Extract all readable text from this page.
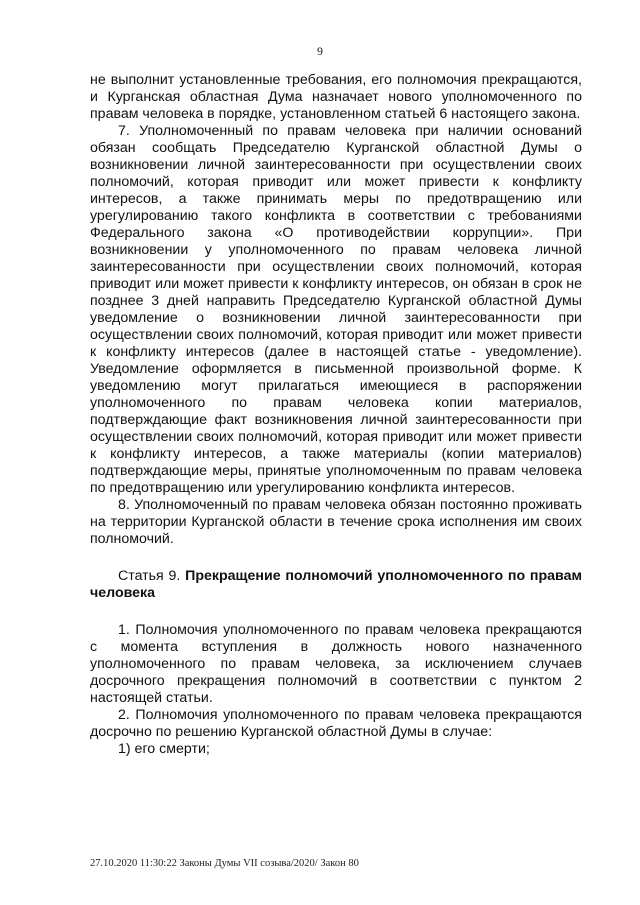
9

не выполнит установленные требования, его полномочия прекращаются, и Курганская областная Дума назначает нового уполномоченного по правам человека в порядке, установленном статьей 6 настоящего закона.

7. Уполномоченный по правам человека при наличии оснований обязан сообщать Председателю Курганской областной Думы о возникновении личной заинтересованности при осуществлении своих полномочий, которая приводит или может привести к конфликту интересов, а также принимать меры по предотвращению или урегулированию такого конфликта в соответствии с требованиями Федерального закона «О противодействии коррупции». При возникновении у уполномоченного по правам человека личной заинтересованности при осуществлении своих полномочий, которая приводит или может привести к конфликту интересов, он обязан в срок не позднее 3 дней направить Председателю Курганской областной Думы уведомление о возникновении личной заинтересованности при осуществлении своих полномочий, которая приводит или может привести к конфликту интересов (далее в настоящей статье - уведомление). Уведомление оформляется в письменной произвольной форме. К уведомлению могут прилагаться имеющиеся в распоряжении уполномоченного по правам человека копии материалов, подтверждающие факт возникновения личной заинтересованности при осуществлении своих полномочий, которая приводит или может привести к конфликту интересов, а также материалы (копии материалов) подтверждающие меры, принятые уполномоченным по правам человека по предотвращению или урегулированию конфликта интересов.

8. Уполномоченный по правам человека обязан постоянно проживать на территории Курганской области в течение срока исполнения им своих полномочий.

Статья 9. Прекращение полномочий уполномоченного по правам человека

1. Полномочия уполномоченного по правам человека прекращаются с момента вступления в должность нового назначенного уполномоченного по правам человека, за исключением случаев досрочного прекращения полномочий в соответствии с пунктом 2 настоящей статьи.

2. Полномочия уполномоченного по правам человека прекращаются досрочно по решению Курганской областной Думы в случае:

1) его смерти;

27.10.2020 11:30:22 Законы Думы VII созыва/2020/ Закон 80
